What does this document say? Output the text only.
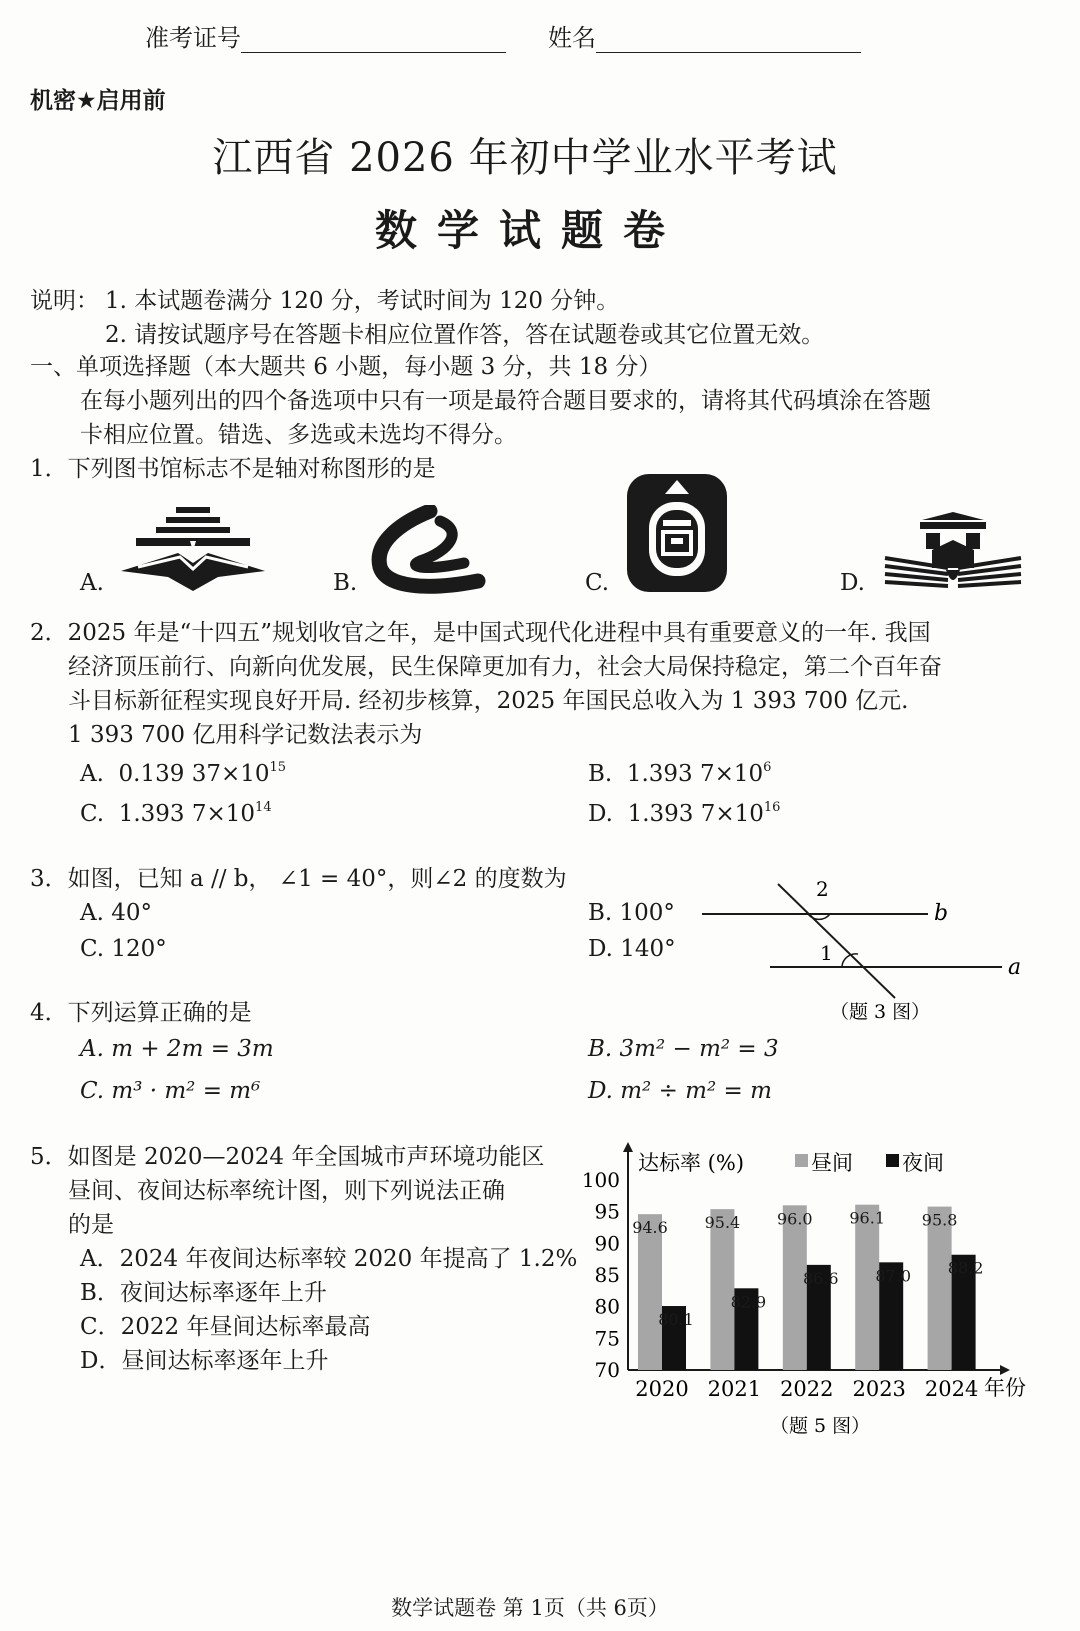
准考证号	姓名
机密★启用前
江西省 2026 年初中学业水平考试
数学试题卷
说明： 1. 本试题卷满分 120 分，考试时间为 120 分钟。
2. 请按试题序号在答题卡相应位置作答，答在试题卷或其它位置无效。
一、单项选择题（本大题共 6 小题，每小题 3 分，共 18 分）
在每小题列出的四个备选项中只有一项是最符合题目要求的，请将其代码填涂在答题
卡相应位置。错选、多选或未选均不得分。
1．下列图书馆标志不是轴对称图形的是
A.	B.	C.	D.
2．2025 年是“十四五”规划收官之年，是中国式现代化进程中具有重要意义的一年. 我国
经济顶压前行、向新向优发展，民生保障更加有力，社会大局保持稳定，第二个百年奋
斗目标新征程实现良好开局. 经初步核算，2025 年国民总收入为 1 393 700 亿元.
1 393 700 亿用科学记数法表示为
A. 0.139 $37\times 10^{15}$	B. 1.393 $7\times 10^6$
C. 1.393 $7\times 10^{14}$	D. 1.393 $7\times 10^{16}$
3．如图，已知 a // b， ∠1 = 40°，则∠2 的度数为
A. 40°	B. 100°
C. 120°	D. 140°
2
1
b
a
（题 3 图）
4．下列运算正确的是
A. m + 2m = 3m	B. 3m² − m² = 3
C. m³ · m² = m⁶	D. m² ÷ m² = m
5．如图是 2020—2024 年全国城市声环境功能区
昼间、夜间达标率统计图，则下列说法正确
的是
A．2024 年夜间达标率较 2020 年提高了 1.2%
B．夜间达标率逐年上升
C．2022 年昼间达标率最高
D．昼间达标率逐年上升	70
75
80
85
90
95
100
94.6
80.1
2020
95.4
82.9
2021
96.0
86.6
2022
96.1
87.0
2023
95.8
88.2
2024
达标率 (%)	昼间 夜间
年份
（题 5 图）
数学试题卷 第 1页（共 6页）
